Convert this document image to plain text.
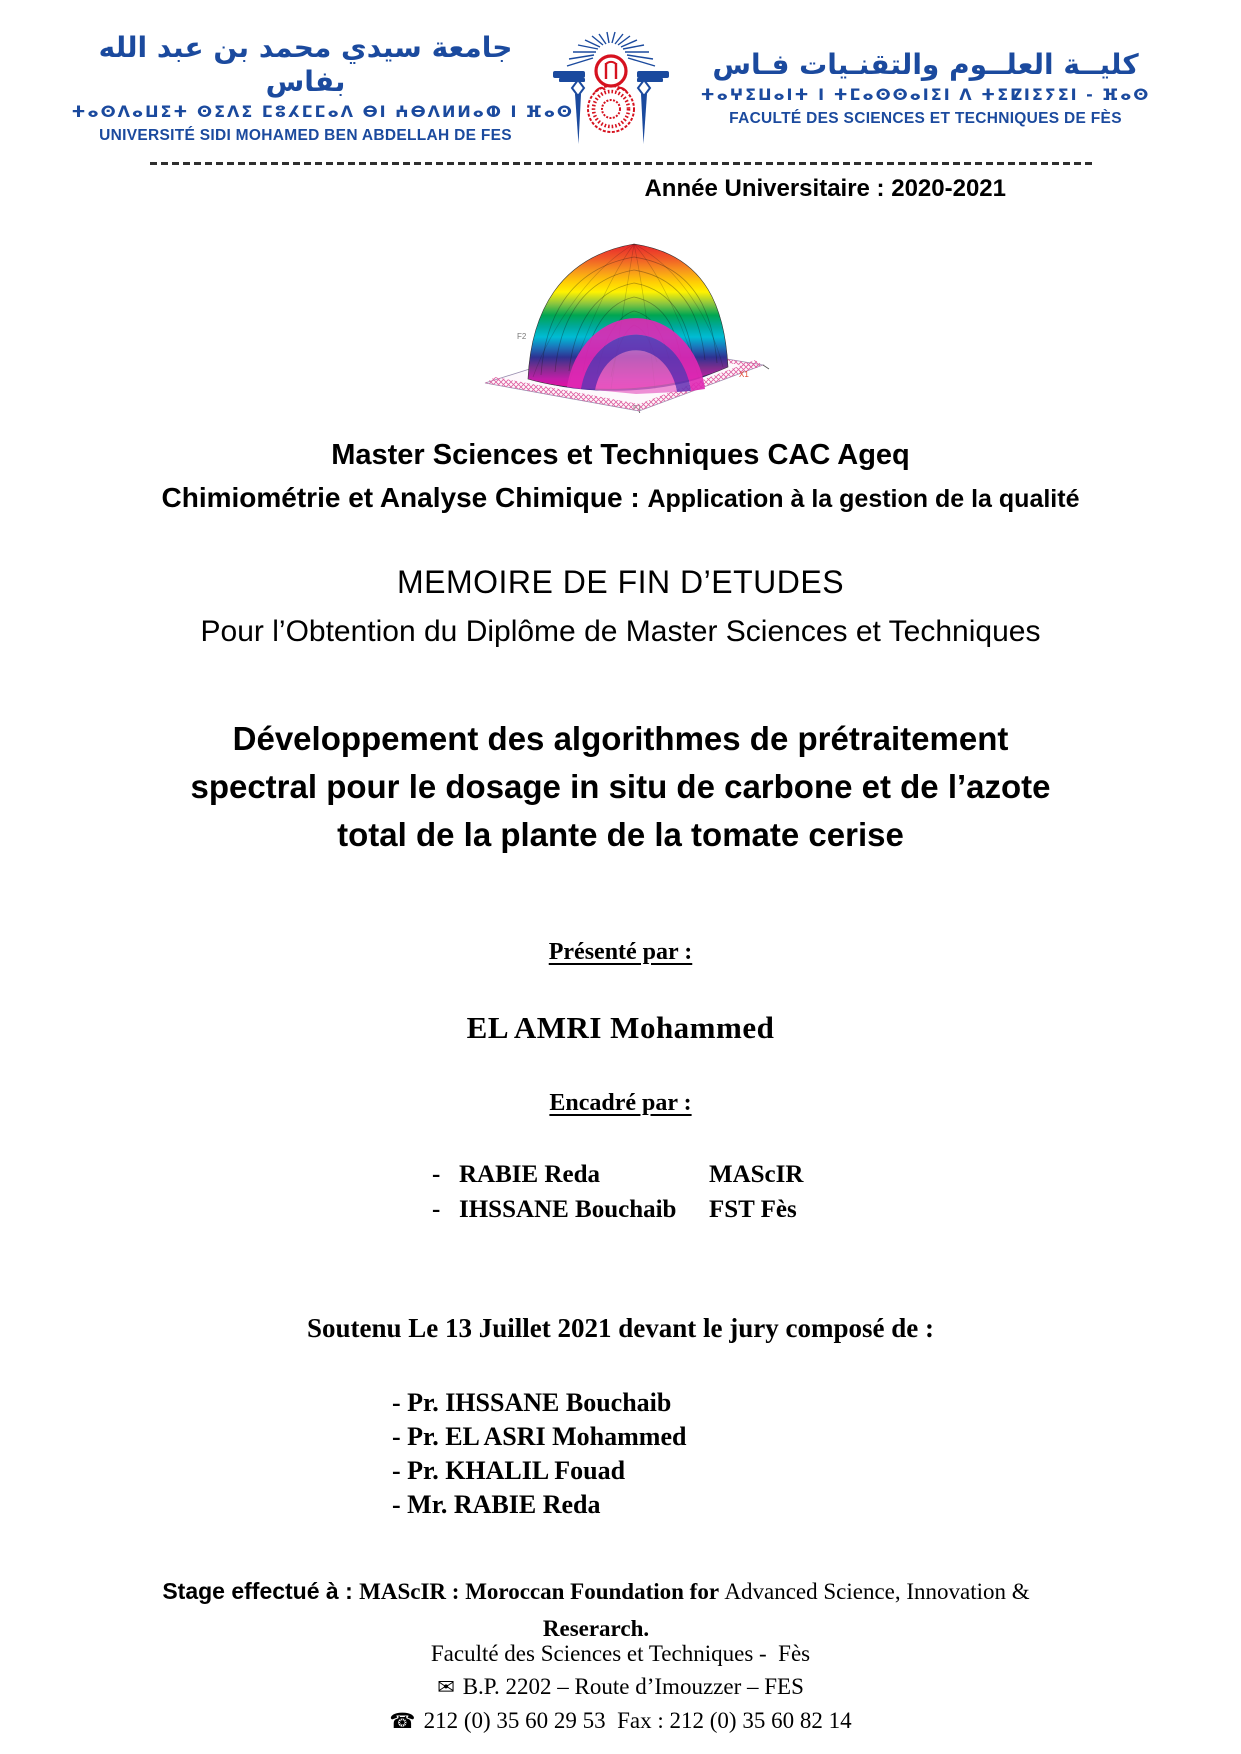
جامعة سيدي محمد بن عبد الله بفاس
ⵜⴰⵙⴷⴰⵡⵉⵜ ⵙⵉⴷⵉ ⵎⵓⵃⵎⵎⴰⴷ ⴱⵏ ⵄⴱⴷⵍⵍⴰⵀ ⵏ ⴼⴰⵙ
UNIVERSITÉ SIDI MOHAMED BEN ABDELLAH DE FES
كليــة العلــوم والتقنـيات فـاس
ⵜⴰⵖⵉⵡⴰⵏⵜ ⵏ ⵜⵎⴰⵙⵙⴰⵏⵉⵏ ⴷ ⵜⵉⵇⵏⵉⵢⵉⵏ - ⴼⴰⵙ
FACULTÉ DES SCIENCES ET TECHNIQUES DE FÈS
Année Universitaire : 2020-2021
F2
X1
F1
Master Sciences et Techniques CAC Ageq
Chimiométrie et Analyse Chimique : Application à la gestion de la qualité
MEMOIRE DE FIN D’ETUDES
Pour l’Obtention du Diplôme de Master Sciences et Techniques
Développement des algorithmes de prétraitement
spectral pour le dosage in situ de carbone et de l’azote
total de la plante de la tomate cerise
Présenté par :
EL AMRI Mohammed
Encadré par :
- RABIE Reda	MAScIR
- IHSSANE Bouchaib	FST Fès
Soutenu Le 13 Juillet 2021 devant le jury composé de :
- Pr. IHSSANE Bouchaib
- Pr. EL ASRI Mohammed
- Pr. KHALIL Fouad
- Mr. RABIE Reda
Stage effectué à : MAScIR : Moroccan Foundation for Advanced Science, Innovation &
Reserarch.
Faculté des Sciences et Techniques -  Fès
✉ B.P. 2202 – Route d’Imouzzer – FES
☎ 212 (0) 35 60 29 53  Fax : 212 (0) 35 60 82 14
